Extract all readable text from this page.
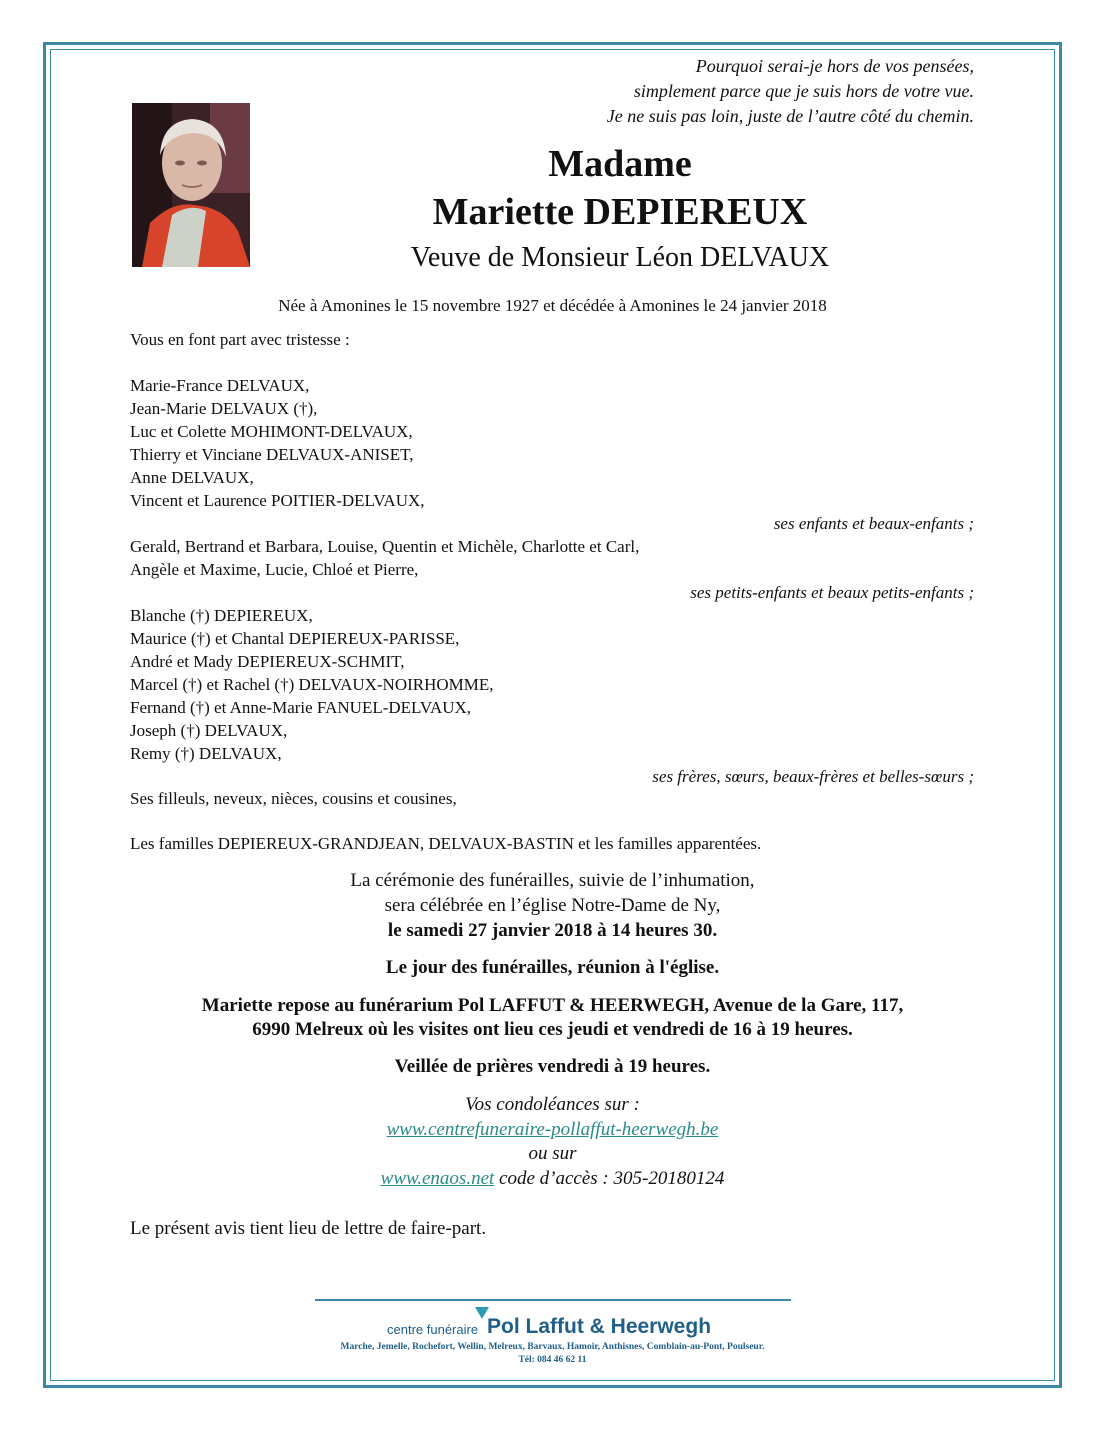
Pourquoi serai-je hors de vos pensées,
simplement parce que je suis hors de votre vue.
Je ne suis pas loin, juste de l’autre côté du chemin.
Madame
Mariette DEPIEREUX
Veuve de Monsieur Léon DELVAUX
Née à Amonines le 15 novembre 1927 et décédée à Amonines le 24 janvier 2018
Vous en font part avec tristesse :
Marie-France DELVAUX,
Jean-Marie DELVAUX (†),
Luc et Colette MOHIMONT-DELVAUX,
Thierry et Vinciane DELVAUX-ANISET,
Anne DELVAUX,
Vincent et Laurence POITIER-DELVAUX,
ses enfants et beaux-enfants ;
Gerald, Bertrand et Barbara, Louise, Quentin et Michèle, Charlotte et Carl,
Angèle et Maxime, Lucie, Chloé et Pierre,
ses petits-enfants et beaux petits-enfants ;
Blanche (†) DEPIEREUX,
Maurice (†) et Chantal DEPIEREUX-PARISSE,
André et Mady DEPIEREUX-SCHMIT,
Marcel (†) et Rachel (†) DELVAUX-NOIRHOMME,
Fernand (†) et Anne-Marie FANUEL-DELVAUX,
Joseph (†) DELVAUX,
Remy (†) DELVAUX,
ses frères, sœurs, beaux-frères et belles-sœurs ;
Ses filleuls, neveux, nièces, cousins et cousines,
Les familles DEPIEREUX-GRANDJEAN, DELVAUX-BASTIN et les familles apparentées.
La cérémonie des funérailles, suivie de l’inhumation,
sera célébrée en l’église Notre-Dame de Ny,
le samedi 27 janvier 2018 à 14 heures 30.
Le jour des funérailles, réunion à l'église.
Mariette repose au funérarium Pol LAFFUT & HEERWEGH, Avenue de la Gare, 117,
6990 Melreux où les visites ont lieu ces jeudi et vendredi de 16 à 19 heures.
Veillée de prières vendredi à 19 heures.
Vos condoléances sur :
www.centrefuneraire-pollaffut-heerwegh.be
ou sur
www.enaos.net code d’accès : 305-20180124
Le présent avis tient lieu de lettre de faire-part.
centre funéraire Pol Laffut & Heerwegh
Marche, Jemelle, Rochefort, Wellin, Melreux, Barvaux, Hamoir, Anthisnes, Comblain-au-Pont, Poulseur.
Tél: 084 46 62 11
